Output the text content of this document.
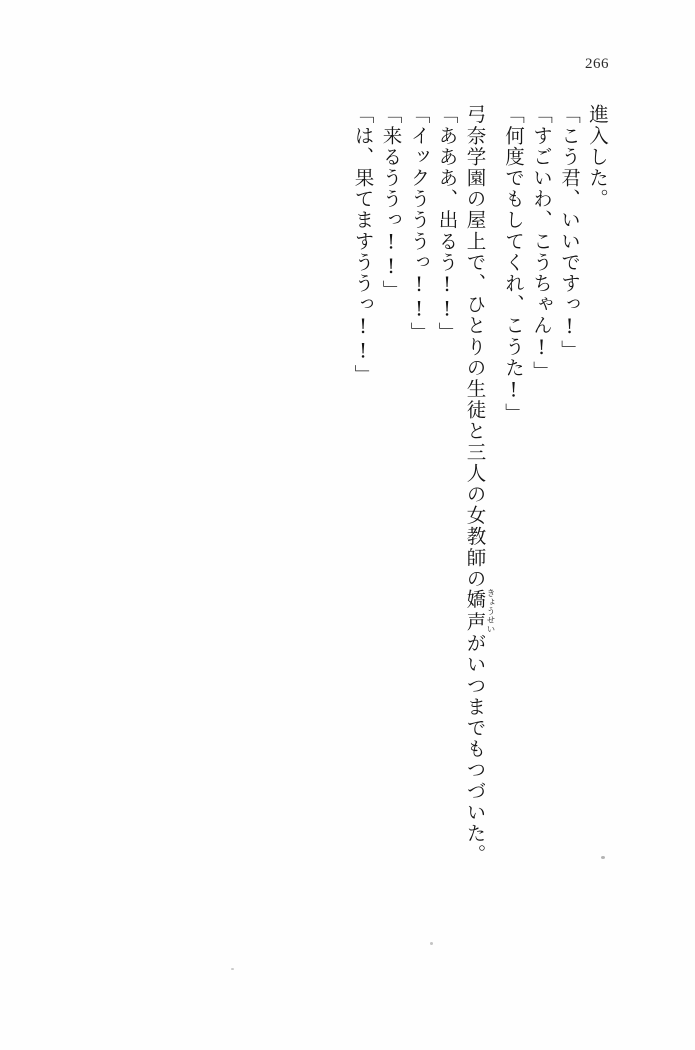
266
「は、果てますううっ!!」 「来るううっ!!」 「イックうううっ!!」 「あああ、出るう!!」 弓奈学園の屋上で、ひとりの生徒と三人の女教師の嬌声きょうせいがいつまでもつづいた。
「何度でもしてくれ、こうた!」 「すごいわ、こうちゃん!」 「こう君、いいですっ!」 進入した。
